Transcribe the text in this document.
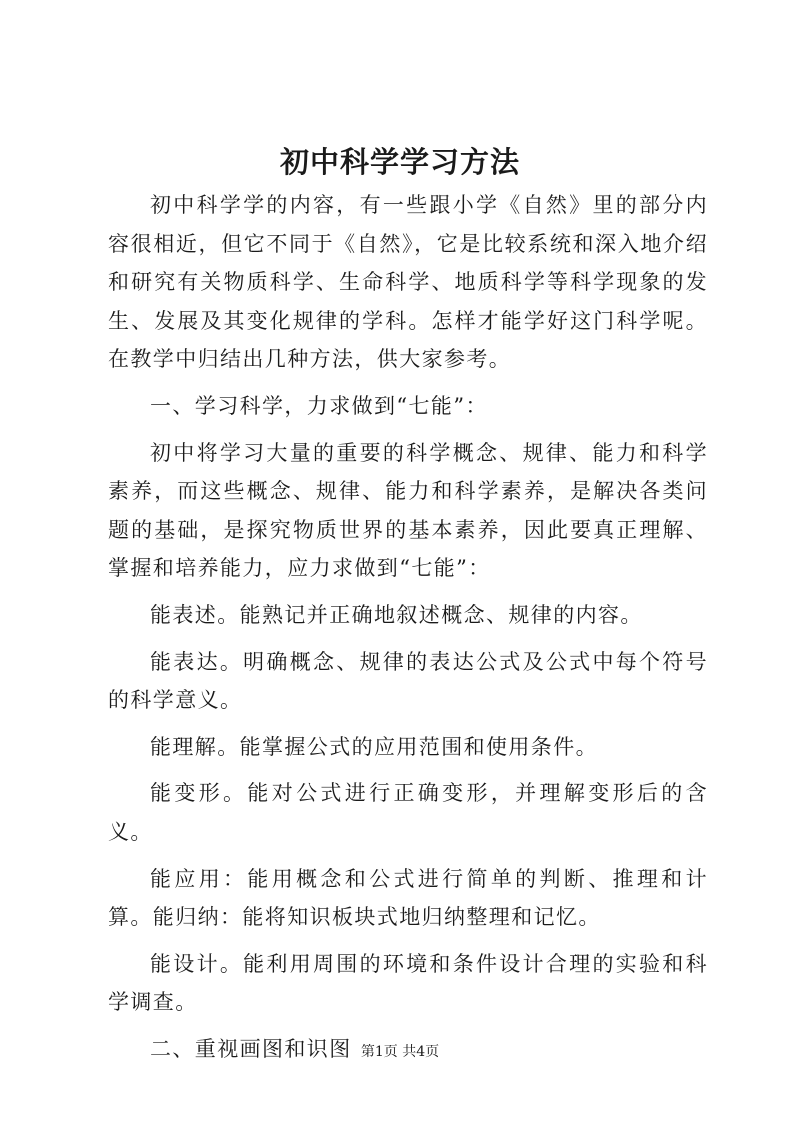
初中科学学习方法

初中科学学的内容，有一些跟小学《自然》里的部分内容很相近，但它不同于《自然》，它是比较系统和深入地介绍和研究有关物质科学、生命科学、地质科学等科学现象的发生、发展及其变化规律的学科。怎样才能学好这门科学呢。在教学中归结出几种方法，供大家参考。

一、学习科学，力求做到“七能”：

初中将学习大量的重要的科学概念、规律、能力和科学素养，而这些概念、规律、能力和科学素养，是解决各类问题的基础，是探究物质世界的基本素养，因此要真正理解、掌握和培养能力，应力求做到“七能”：

能表述。能熟记并正确地叙述概念、规律的内容。

能表达。明确概念、规律的表达公式及公式中每个符号的科学意义。

能理解。能掌握公式的应用范围和使用条件。

能变形。能对公式进行正确变形，并理解变形后的含义。

能应用：能用概念和公式进行简单的判断、推理和计算。能归纳：能将知识板块式地归纳整理和记忆。

能设计。能利用周围的环境和条件设计合理的实验和科学调查。

二、重视画图和识图 第1页 共4页
